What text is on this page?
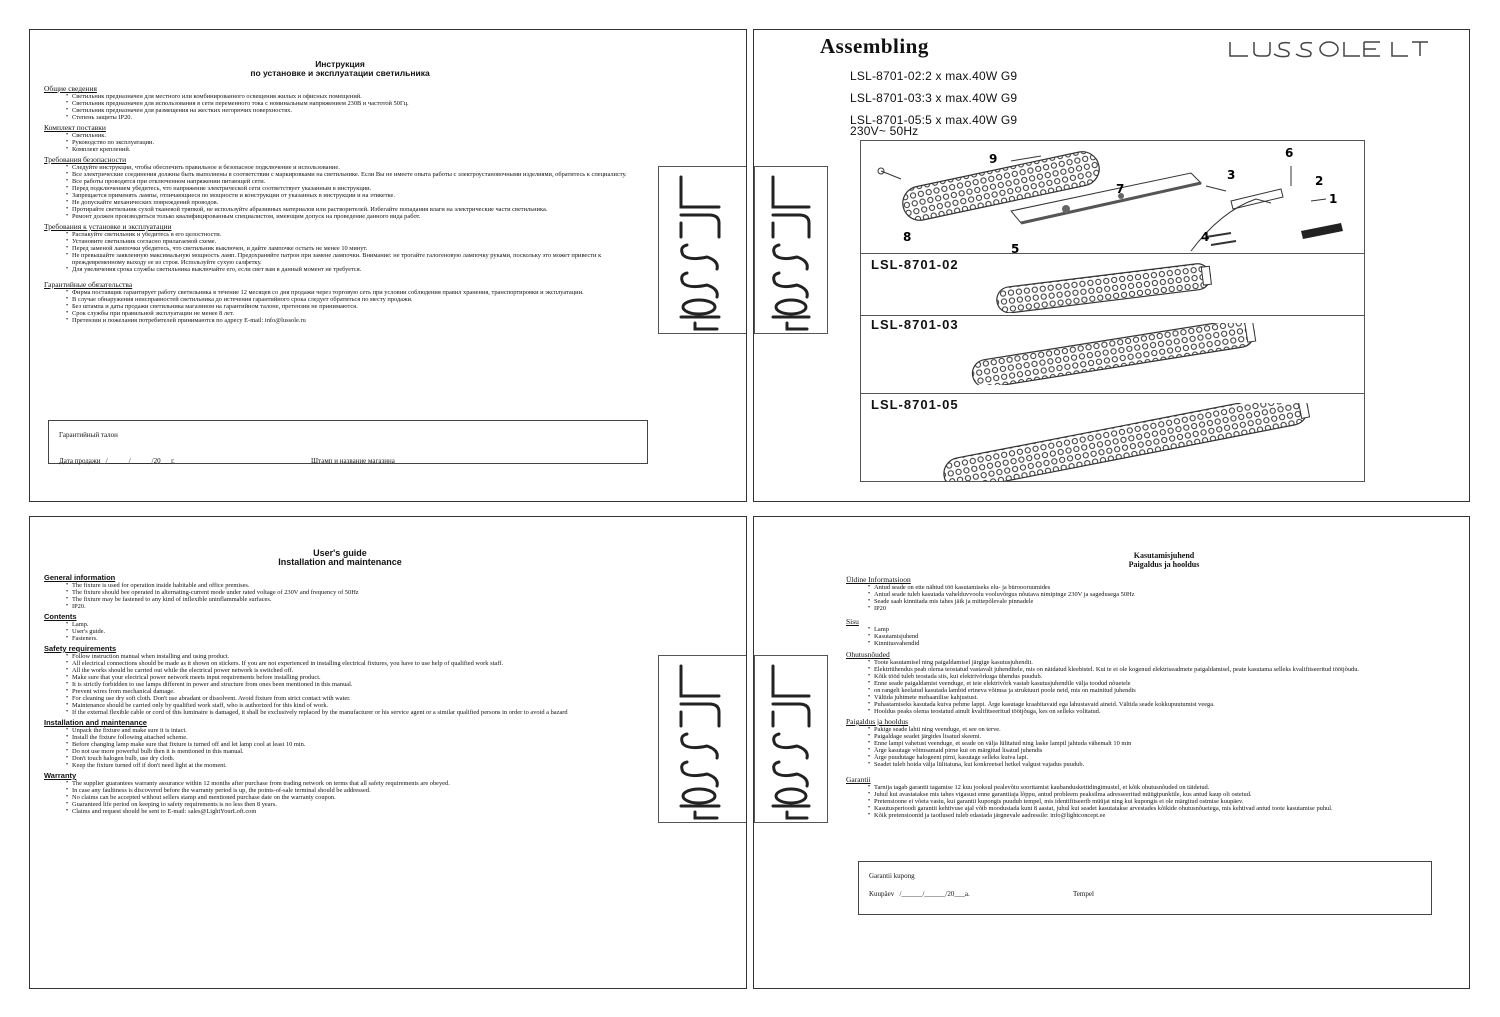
Инструкция

по установке и эксплуатации светильника

Общие сведения
• Светильник предназначен для местного или комбинированного освещения жилых и офисных помещений.
• Светильник предназначен для использования в сети переменного тока с номинальным напряжением 230В и частотой 50Гц.
• Светильник предназначен для размещения на жестких негорючих поверхностях.
• Степень защиты IP20.
Комплект поставки
• Светильник.
• Руководство по эксплуатации.
• Комплект креплений.
Требования безопасности
• Следуйте инструкции, чтобы обеспечить правильное и безопасное подключение и использование.
• Все электрические соединения должны быть выполнены в соответствии с маркировками на светильнике. Если Вы не имеете опыта работы с электроустановочными изделиями, обратитесь к специалисту.
• Все работы проводятся при отключенном напряжении питающей сети.
• Перед подключением убедитесь, что напряжение электрической сети соответствует указанным в инструкции.
• Запрещается применять лампы, отличающиеся по мощности и конструкции от указанных в инструкции и на этикетке.
• Не допускайте механических повреждений проводов.
• Протирайте светильник сухой тканевой тряпкой, не используйте абразивных материалов или растворителей. Избегайте попадания влаги на электрические части светильника.
• Ремонт должен производиться только квалифицированным специалистом, имеющим допуск на проведение данного вида работ.
Требования к установке и эксплуатации
• Распакуйте светильник и убедитесь в его целостности.
• Установите светильник согласно прилагаемой схеме.
• Перед заменой лампочки убедитесь, что светильник выключен, и дайте лампочке остыть не менее 10 минут.
• Не превышайте заявленную максимальную мощность ламп. Предохраняйте патрон при замене лампочки. Внимание: не трогайте галогеновую лампочку руками, поскольку это может привести к преждевременному выходу ее из строя. Используйте сухую салфетку.
• Для увеличения срока службы светильника выключайте его, если свет вам в данный момент не требуется.
Гарантийные обязательства
• Фирма поставщик гарантирует работу светильника в течение 12 месяцев со дня продажи через торговую сеть при условии соблюдения правил хранения, транспортировки и эксплуатации.
• В случае обнаружения неисправностей светильника до истечения гарантийного срока следует обратиться по месту продажи.
• Без штампа и даты продажи светильника магазином на гарантийном талоне, претензии не принимаются.
• Срок службы при правильной эксплуатации не менее 8 лет.
• Претензии и пожелания потребителей принимаются по адресу E-mail: info@lussole.ru
Гарантийный талон
Дата продажи   /______/______/20___г.	Штамп и название магазина
Assembling
LSL-8701-02:2 x max.40W G9
LSL-8701-03:3 x max.40W G9
LSL-8701-05:5 x max.40W G9
230V~ 50Hz
9
7
8
5
3
6
2
1
4
LSL-8701-02
LSL-8701-03
LSL-8701-05

User's guide

Installation and maintenance

General information
• The fixture is used for operation inside habitable and office premises.
• The fixture should bee operated in alternating-current mode under rated voltage of 230V and frequency of 50Hz
• The fixture may be fastened to any kind of inflexible uninflammable surfaces.
• IP20.
Contents
• Lamp.
• User's guide.
• Fasteners.
Safety requirements
• Follow instruction manual when installing and using product.
• All electrical connections should be made as it shown on stickers. If you are not experienced in installing electrical fixtures, you have to use help of qualified work staff.
• All the works should be carried out while the electrical power network is switched off.
• Make sure that your electrical power network meets input requirements before installing product.
• It is strictly forbidden to use lamps different in power and structure from ones been mentioned in this manual.
• Prevent wires from mechanical damage.
• For cleaning use dry soft cloth. Don't use abradant or dissolvent. Avoid fixture from strict contact with water.
• Maintenance should be carried only by qualified work staff, who is authorized for this kind of work.
• If the external flexible cable or cord of this luminaire is damaged, it shall be exclusively replaced by the manufacturer or his service agent or a similar qualified persons in order to avoid a hazard
Installation and maintenance
• Unpack the fixture and make sure it is intact.
• Install the fixture following attached scheme.
• Before changing lamp make sure that fixture is turned off and let lamp cool at least 10 min.
• Do not use more powerful bulb then it is mentioned in this manual.
• Don't touch halogen bulb, use dry cloth.
• Keep the fixture turned off if don't need light at the moment.
Warranty
• The supplier guarantees warranty assurance within 12 months after purchase from trading network on terms that all safety requirements are obeyed.
• In case any faultiness is discovered before the warranty period is up, the points-of-sale terminal should be addressed.
• No claims can be accepted without sellers stamp and mentioned purchase date on the warranty coupon.
• Guaranteed life period on keeping to safety requirements is no less then 8 years.
• Claims and request should be sent to E-mail: sales@LightYourLoft.com

Kasutamisjuhend

Paigaldus ja hooldus

Üldine Informatsioon
• Antud seade on ette nähtud töö kasutamiseks elu- ja büroooruumides
• Antud seade tuleb kasutada vahelduvvoolu vooluvõrgus nõutava nimipinge 230V ja sagedusega 50Hz
• Seade saab kinnitada mis tahes jäik ja mittepõlevale pinnadele
• IP20
Sisu
• Lamp
• Kasutamisjuhend
• Kinnitusvahendid
Ohutusnõuded
• Toote kasutamisel ning paigaldamisel järgige kasutusjuhendit.
• Elektriühendus peab olema teostatud vastavalt juhenditele, mis on näidatud kleebistel. Kui te ei ole kogenud elektriseadmete paigaldamisel, peate kasutama selleks kvalifitseeritud töötjõudu.
• Kõik tööd tuleb teostada siis, kui elektrivõrkuga ühendus puudub.
• Enne seade paigaldamist veenduge, et teie elektrivõrk vastab kasutusjuhendile välja toodud nõuetele
• on rangelt keelatud kasutada lambid erineva võimsa ja struktuuri poole neid, mis on mainitud juhendis
• Vältida juhtmete mehaanilise kahjustust.
• Puhastamiseks kasutada kuiva pehme lappi. Ärge kasutage kraabitavaid ega lahustavaid aineid. Vältida seade kokkupuutumist veega.
• Hooldus peaks olema teostatud ainult kvalifitseeritud töötjõuga, kes on selleks volitatud.
Paigaldus ja hooldus
• Pakige seade lahti ning veenduge, et see on terve.
• Paigaldage seadet järgides lisatud skeemi.
• Enne lampi vahetust veenduge, et seade on välja lülitatud ning laske lampil jahtuda vähemalt 10 min
• Ärge kasutage võimsamaid pirne kui on märgitud lisatud juhendis
• Ärge puudutage halogeeni pirni, kasutage selleks kuiva lapi.
• Seadet tuleb hoida välja lülitatuna, kui konkreetsel hetkel valgust vajadus puudub.
Garantii
• Tarnija tagab garantii tagamise 12 kuu jooksul pealevõtu sooritamist kaubanduskettidingimustel, et kõik ohutusnõuded on täidetud.
• Juhul kui avastatakse mis tahes vigasust enne garantiiaja lõppu, antud probleem peaksilma adresseeritud müügipunktile, kus antud kaup oli ostetud.
• Pretensioone ei võeta vastu, kui garantii kupongis puudub tempel, mis identifitseerib müüjat ning kui kupongis ei ole märgitud ostmise kuupäev.
• Kasutusperioodi garantii kehtivuse ajal võib moodustada kuni 8 aastat, juhul kui seadet kasutatakse arvestades kõikide ohutusnõuetega, mis kehtivad antud toote kasutamise puhul.
• Kõik pretensioonid ja taotlused tuleb edastada järgnevale aadressile: info@lightconcept.ee
Garantii kupong
Kuupäev   /______/______/20___a.	Tempel
